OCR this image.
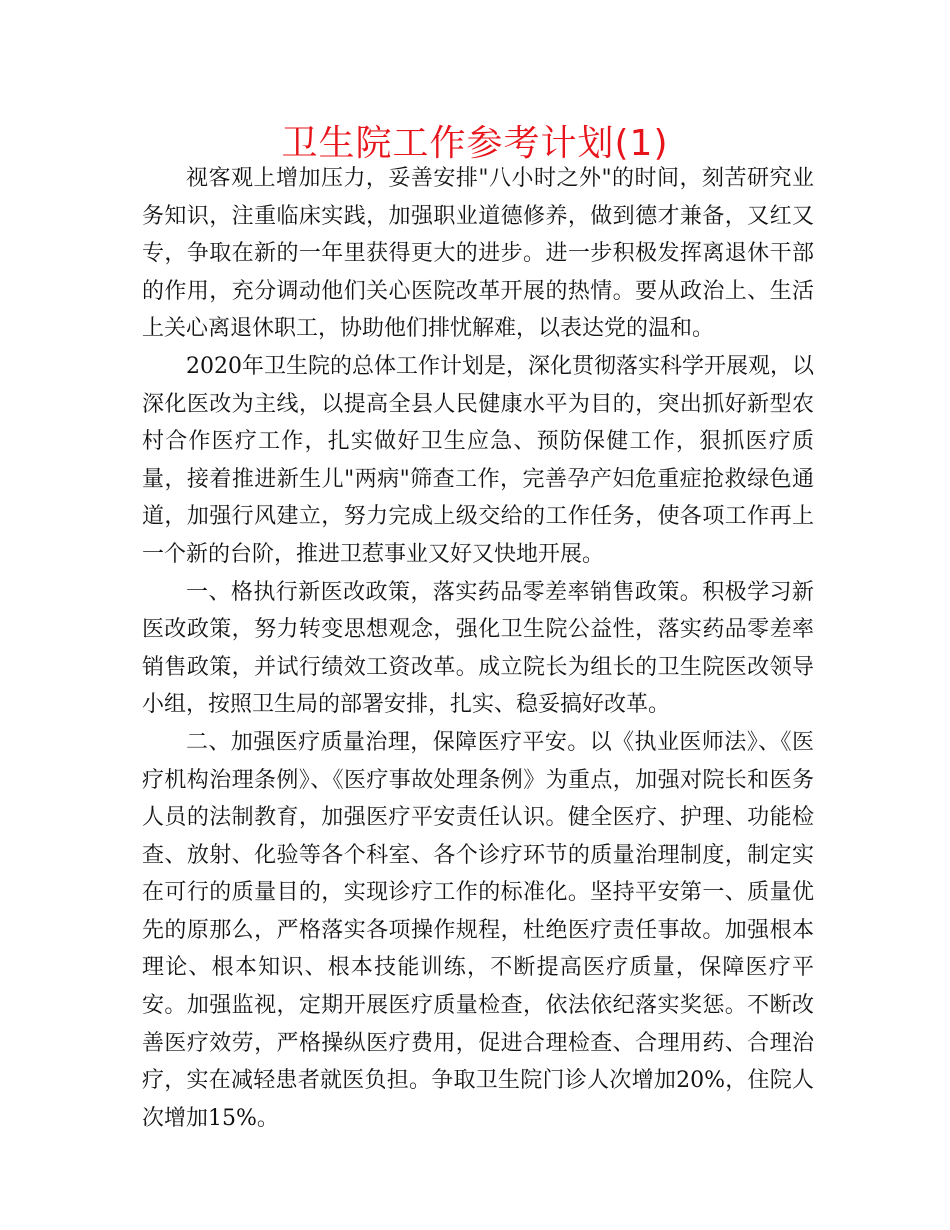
卫生院工作参考计划(1)

视客观上增加压力，妥善安排"八小时之外"的时间，刻苦研究业务知识，注重临床实践，加强职业道德修养，做到德才兼备，又红又专，争取在新的一年里获得更大的进步。进一步积极发挥离退休干部的作用，充分调动他们关心医院改革开展的热情。要从政治上、生活上关心离退休职工，协助他们排忧解难，以表达党的温和。

2020年卫生院的总体工作计划是，深化贯彻落实科学开展观，以深化医改为主线，以提高全县人民健康水平为目的，突出抓好新型农村合作医疗工作，扎实做好卫生应急、预防保健工作，狠抓医疗质量，接着推进新生儿"两病"筛查工作，完善孕产妇危重症抢救绿色通道，加强行风建立，努力完成上级交给的工作任务，使各项工作再上一个新的台阶，推进卫惹事业又好又快地开展。

一、格执行新医改政策，落实药品零差率销售政策。积极学习新医改政策，努力转变思想观念，强化卫生院公益性，落实药品零差率销售政策，并试行绩效工资改革。成立院长为组长的卫生院医改领导小组，按照卫生局的部署安排，扎实、稳妥搞好改革。

二、加强医疗质量治理，保障医疗平安。以《执业医师法》、《医疗机构治理条例》、《医疗事故处理条例》为重点，加强对院长和医务人员的法制教育，加强医疗平安责任认识。健全医疗、护理、功能检查、放射、化验等各个科室、各个诊疗环节的质量治理制度，制定实在可行的质量目的，实现诊疗工作的标准化。坚持平安第一、质量优先的原那么，严格落实各项操作规程，杜绝医疗责任事故。加强根本理论、根本知识、根本技能训练，不断提高医疗质量，保障医疗平安。加强监视，定期开展医疗质量检查，依法依纪落实奖惩。不断改善医疗效劳，严格操纵医疗费用，促进合理检查、合理用药、合理治疗，实在减轻患者就医负担。争取卫生院门诊人次增加20%，住院人次增加15%。
